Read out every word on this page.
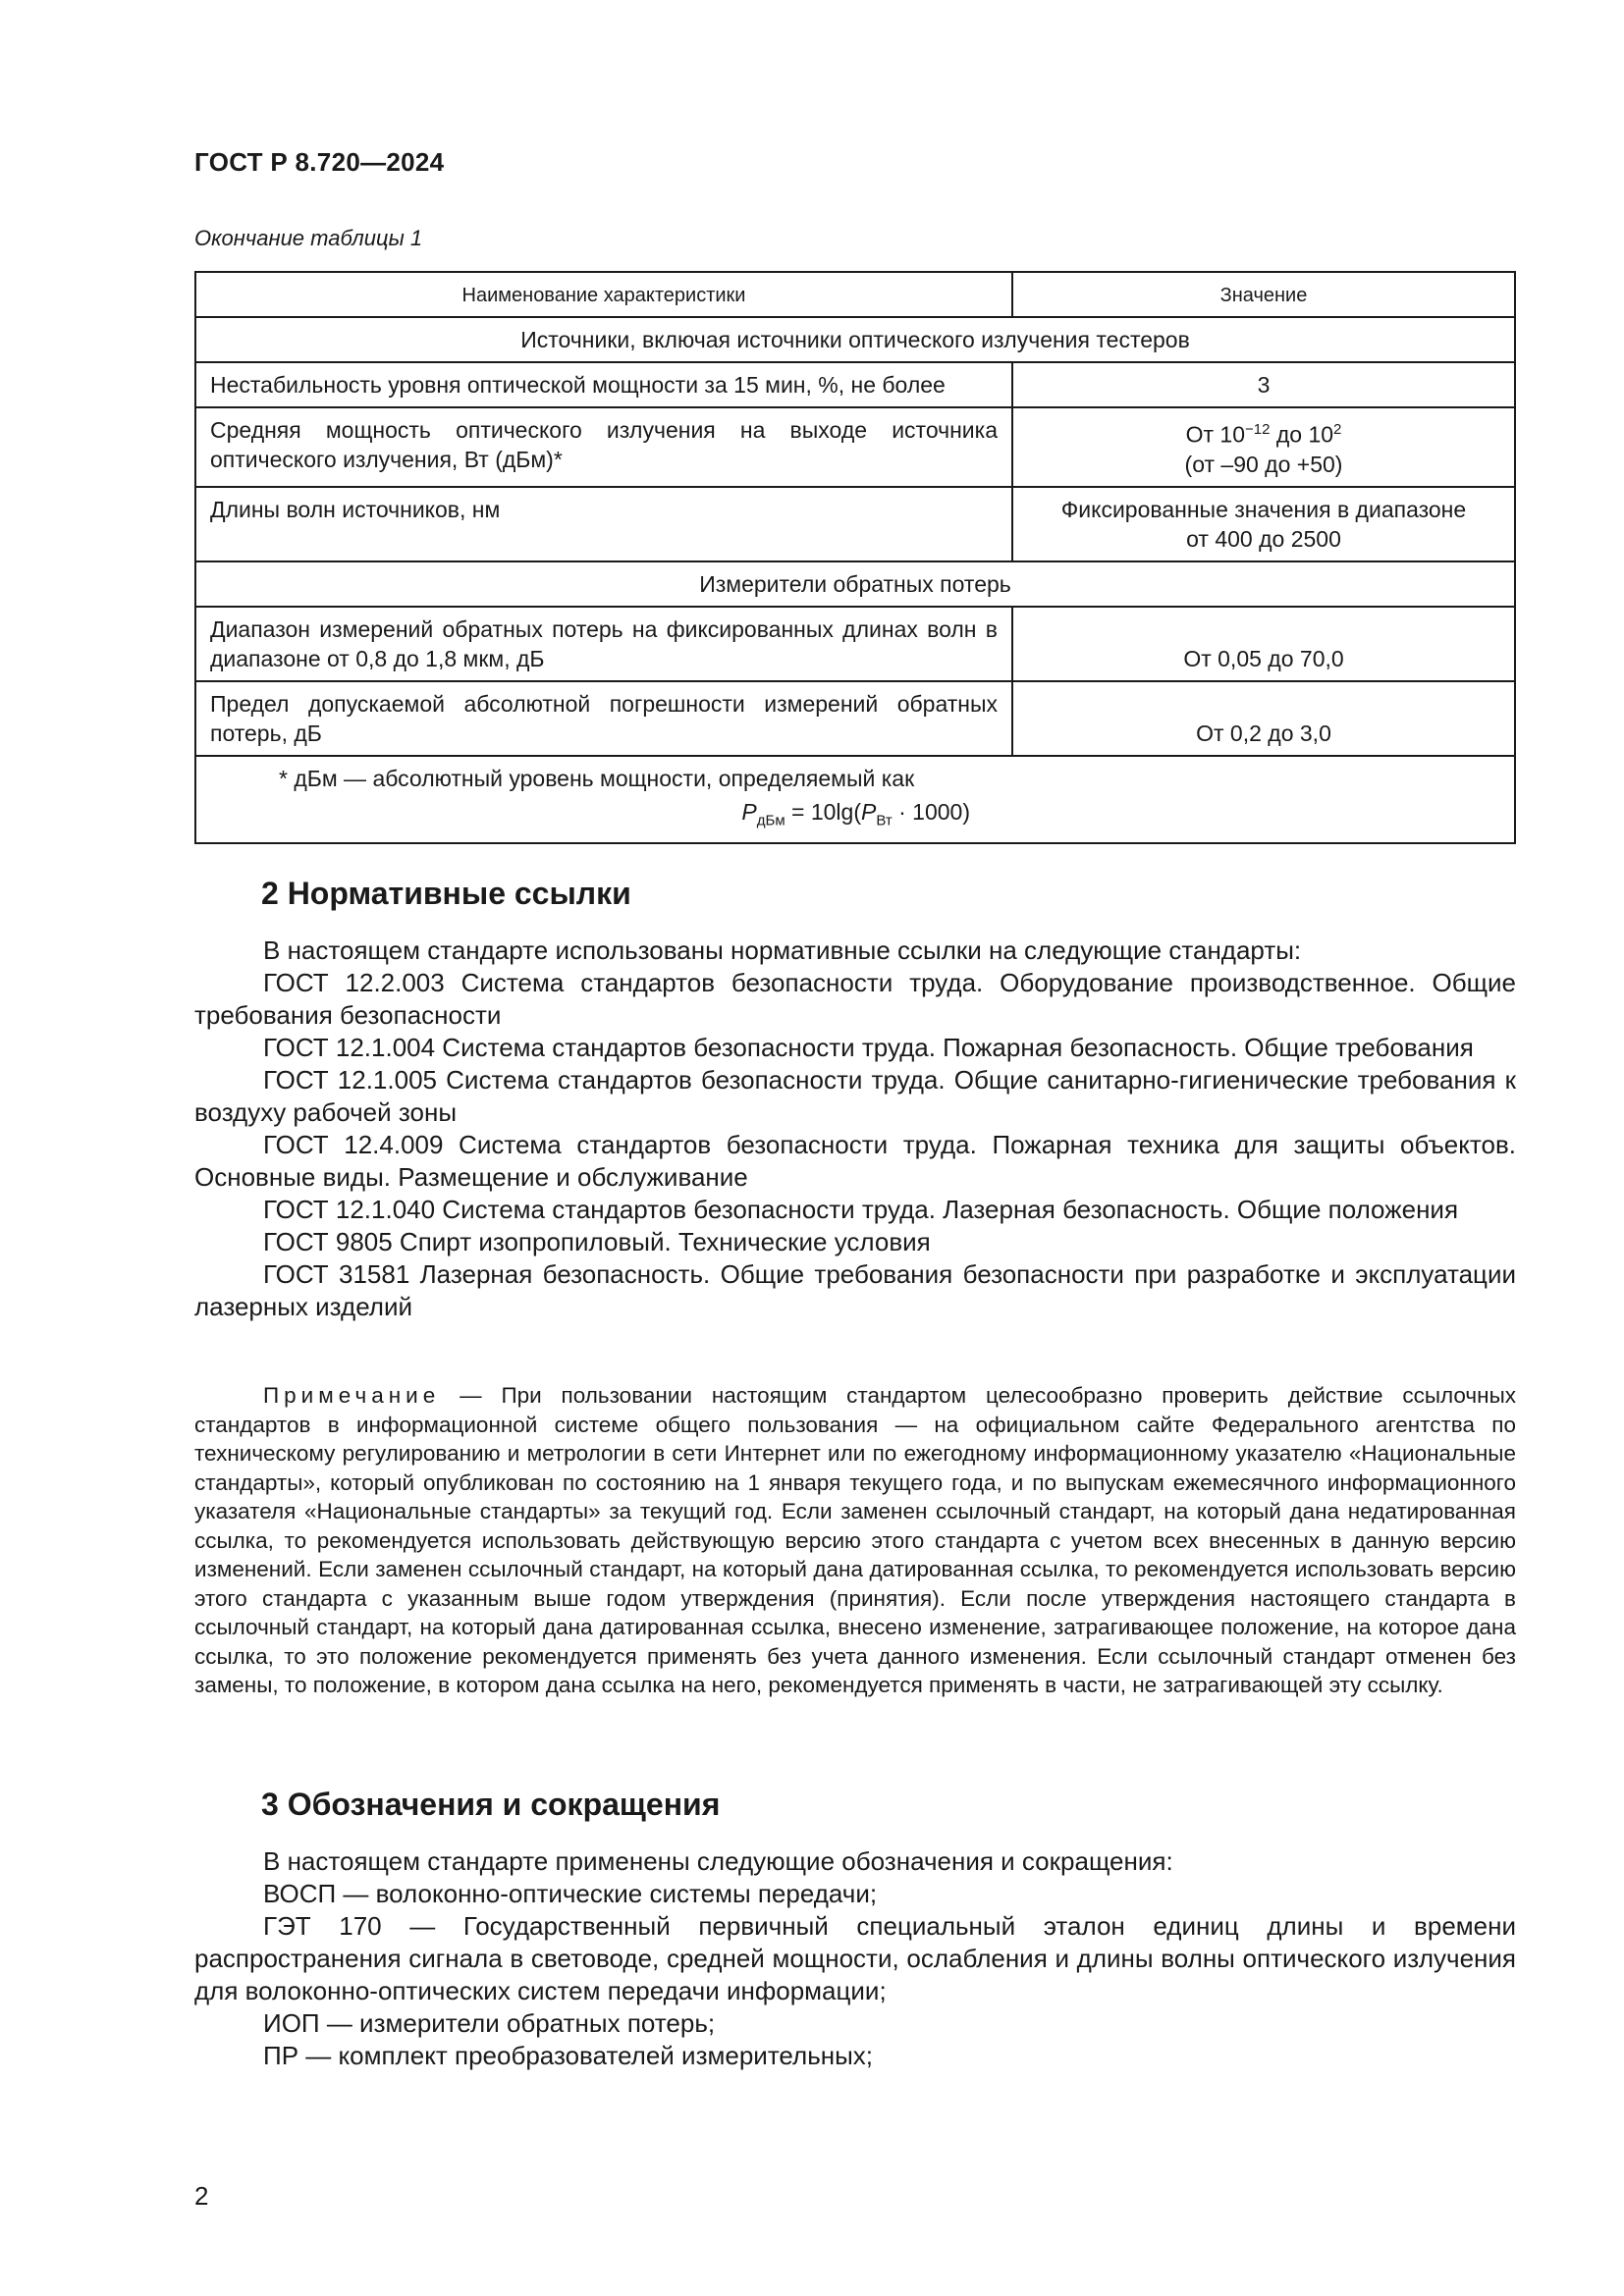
ГОСТ Р 8.720—2024
Окончание таблицы 1
Наименование характеристики	Значение
Источники, включая источники оптического излучения тестеров	
Нестабильность уровня оптической мощности за 15 мин, %, не более	3
Средняя мощность оптического излучения на выходе источника оптического излучения, Вт (дБм)*	От $10^{-12}$ до $10^2$
(от –90 до +50)
Длины волн источников, нм	Фиксированные значения в диапазоне
от 400 до 2500
Измерители обратных потерь	
Диапазон измерений обратных потерь на фиксированных длинах волн в диапазоне от 0,8 до 1,8 мкм, дБ	От 0,05 до 70,0
Предел допускаемой абсолютной погрешности измерений обратных потерь, дБ	От 0,2 до 3,0

* дБм — абсолютный уровень мощности, определяемый как
$P_{дБм} = 10\lg(P_{Вт} \cdot 1000)$	
2 Нормативные ссылки

В настоящем стандарте использованы нормативные ссылки на следующие стандарты:

ГОСТ 12.2.003 Система стандартов безопасности труда. Оборудование производственное. Общие требования безопасности

ГОСТ 12.1.004 Система стандартов безопасности труда. Пожарная безопасность. Общие требования

ГОСТ 12.1.005 Система стандартов безопасности труда. Общие санитарно-гигиенические требования к воздуху рабочей зоны

ГОСТ 12.4.009 Система стандартов безопасности труда. Пожарная техника для защиты объектов. Основные виды. Размещение и обслуживание

ГОСТ 12.1.040 Система стандартов безопасности труда. Лазерная безопасность. Общие положения

ГОСТ 9805 Спирт изопропиловый. Технические условия

ГОСТ 31581 Лазерная безопасность. Общие требования безопасности при разработке и эксплуатации лазерных изделий

Примечание — При пользовании настоящим стандартом целесообразно проверить действие ссылочных стандартов в информационной системе общего пользования — на официальном сайте Федерального агентства по техническому регулированию и метрологии в сети Интернет или по ежегодному информационному указателю «Национальные стандарты», который опубликован по состоянию на 1 января текущего года, и по выпускам ежемесячного информационного указателя «Национальные стандарты» за текущий год. Если заменен ссылочный стандарт, на который дана недатированная ссылка, то рекомендуется использовать действующую версию этого стандарта с учетом всех внесенных в данную версию изменений. Если заменен ссылочный стандарт, на который дана датированная ссылка, то рекомендуется использовать версию этого стандарта с указанным выше годом утверждения (принятия). Если после утверждения настоящего стандарта в ссылочный стандарт, на который дана датированная ссылка, внесено изменение, затрагивающее положение, на которое дана ссылка, то это положение рекомендуется применять без учета данного изменения. Если ссылочный стандарт отменен без замены, то положение, в котором дана ссылка на него, рекомендуется применять в части, не затрагивающей эту ссылку.

3 Обозначения и сокращения

В настоящем стандарте применены следующие обозначения и сокращения:

ВОСП — волоконно-оптические системы передачи;

ГЭТ 170 — Государственный первичный специальный эталон единиц длины и времени распространения сигнала в световоде, средней мощности, ослабления и длины волны оптического излучения для волоконно-оптических систем передачи информации;

ИОП — измерители обратных потерь;

ПР — комплект преобразователей измерительных;

2
